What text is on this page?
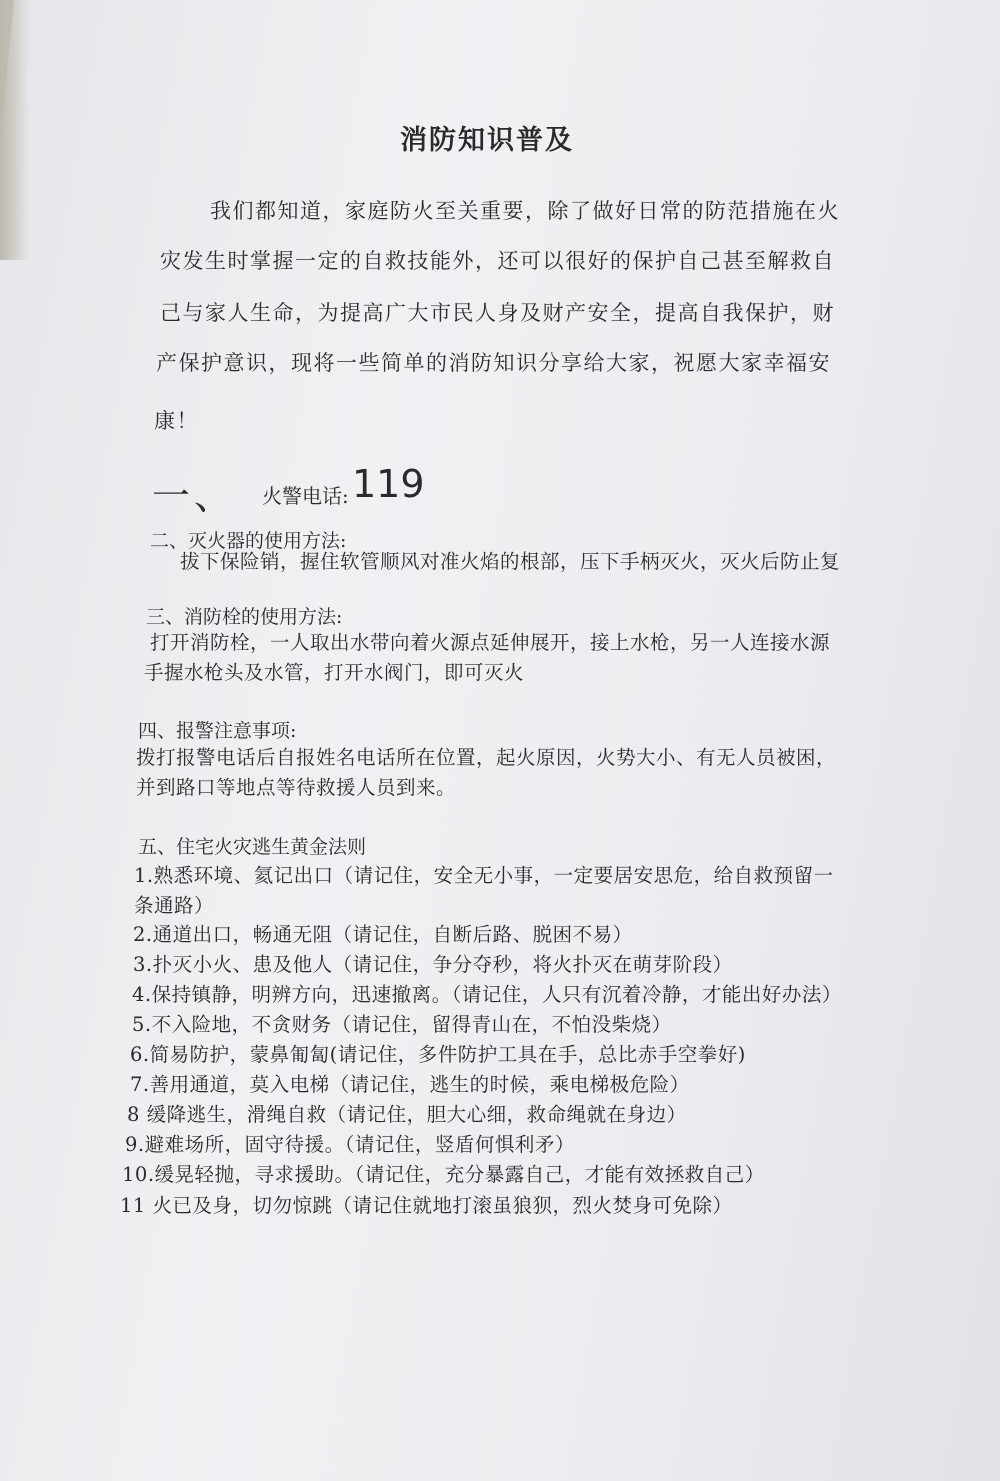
消防知识普及
我们都知道，家庭防火至关重要，除了做好日常的防范措施在火
灾发生时掌握一定的自救技能外，还可以很好的保护自己甚至解救自
己与家人生命，为提高广大市民人身及财产安全，提高自我保护，财
产保护意识，现将一些简单的消防知识分享给大家，祝愿大家幸福安
康！
一、 火警电话: 119
二、灭火器的使用方法:
拔下保险销，握住软管顺风对准火焰的根部，压下手柄灭火，灭火后防止复
三、消防栓的使用方法:
打开消防栓，一人取出水带向着火源点延伸展开，接上水枪，另一人连接水源
手握水枪头及水管，打开水阀门，即可灭火
四、报警注意事项:
拨打报警电话后自报姓名电话所在位置，起火原因，火势大小、有无人员被困，
并到路口等地点等待救援人员到来。
五、住宅火灾逃生黄金法则
1.熟悉环境、氦记出口（请记住，安全无小事，一定要居安思危，给自救预留一
条通路）
2.通道出口，畅通无阻（请记住，自断后路、脱困不易）
3.扑灭小火、患及他人（请记住，争分夺秒，将火扑灭在萌芽阶段）
4.保持镇静，明辨方向，迅速撤离。（请记住，人只有沉着冷静，才能出好办法）
5.不入险地，不贪财务（请记住，留得青山在，不怕没柴烧）
6.简易防护，蒙鼻匍匐(请记住，多件防护工具在手，总比赤手空拳好)
7.善用通道，莫入电梯（请记住，逃生的时候，乘电梯极危险）
8 缓降逃生，滑绳自救（请记住，胆大心细，救命绳就在身边）
9.避难场所，固守待援。（请记住，竖盾何惧利矛）
10.缓晃轻抛，寻求援助。（请记住，充分暴露自己，才能有效拯救自己）
11 火已及身，切勿惊跳（请记住就地打滚虽狼狈，烈火焚身可免除）
